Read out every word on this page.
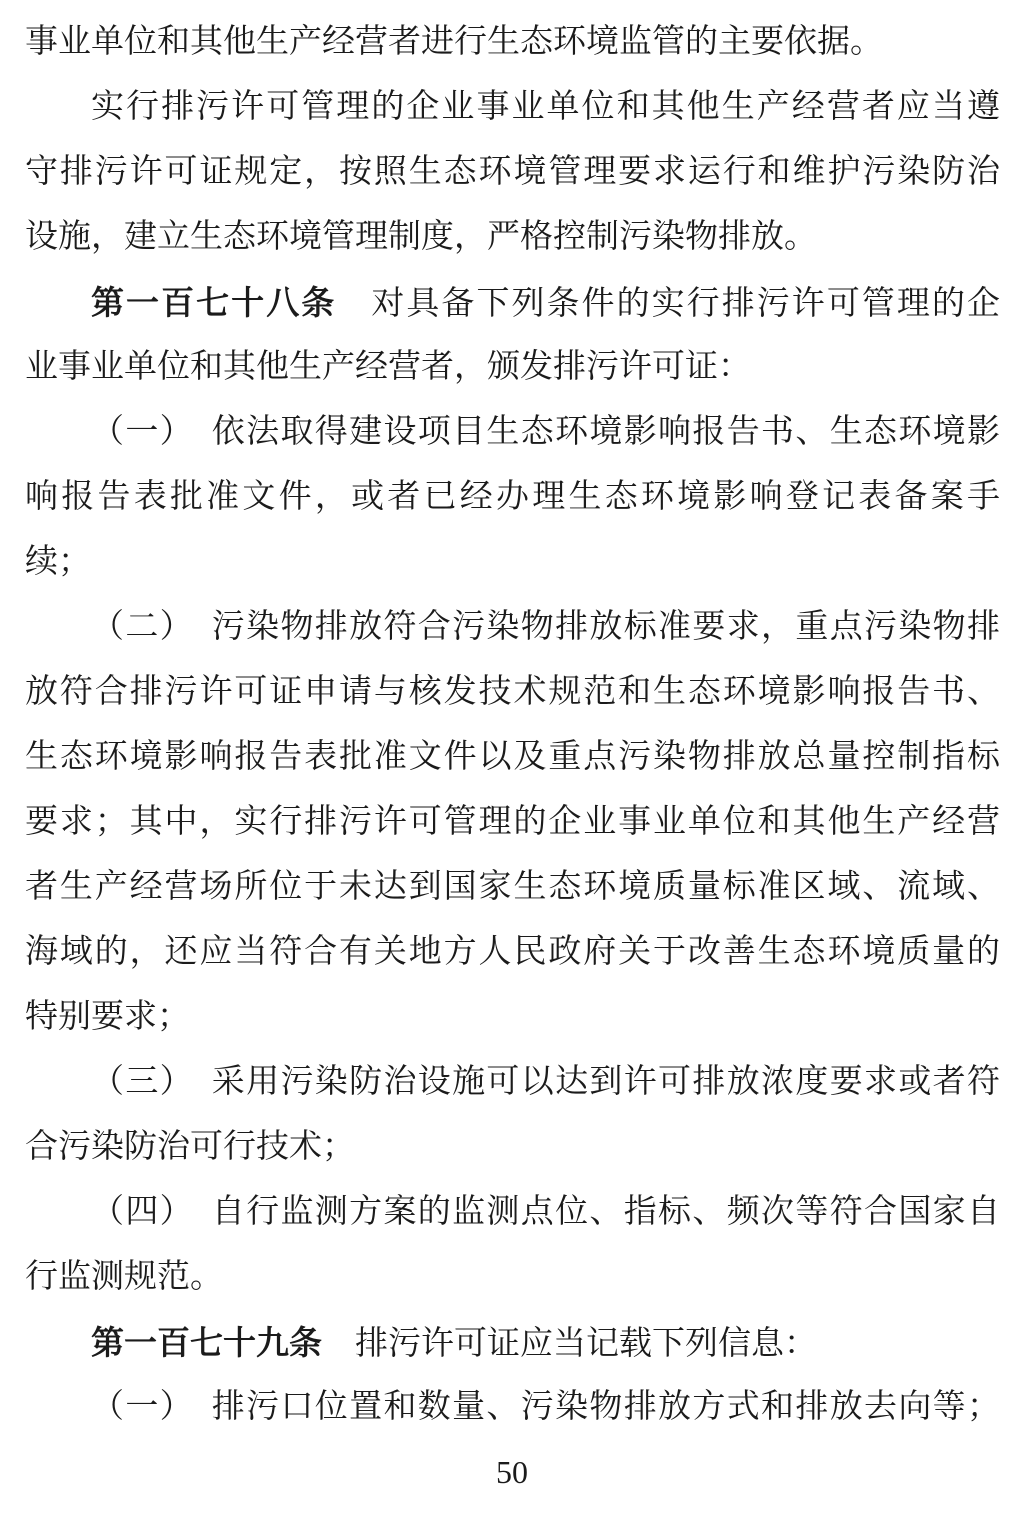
事业单位和其他生产经营者进行生态环境监管的主要依据。
实行排污许可管理的企业事业单位和其他生产经营者应当遵
守排污许可证规定，按照生态环境管理要求运行和维护污染防治
设施，建立生态环境管理制度，严格控制污染物排放。
第一百七十八条　对具备下列条件的实行排污许可管理的企
业事业单位和其他生产经营者，颁发排污许可证：
（一）　依法取得建设项目生态环境影响报告书、生态环境影
响报告表批准文件，或者已经办理生态环境影响登记表备案手
续；
（二）　污染物排放符合污染物排放标准要求，重点污染物排
放符合排污许可证申请与核发技术规范和生态环境影响报告书、
生态环境影响报告表批准文件以及重点污染物排放总量控制指标
要求；其中，实行排污许可管理的企业事业单位和其他生产经营
者生产经营场所位于未达到国家生态环境质量标准区域、流域、
海域的，还应当符合有关地方人民政府关于改善生态环境质量的
特别要求；
（三）　采用污染防治设施可以达到许可排放浓度要求或者符
合污染防治可行技术；
（四）　自行监测方案的监测点位、指标、频次等符合国家自
行监测规范。
第一百七十九条　排污许可证应当记载下列信息：
（一）　排污口位置和数量、污染物排放方式和排放去向等；
50
